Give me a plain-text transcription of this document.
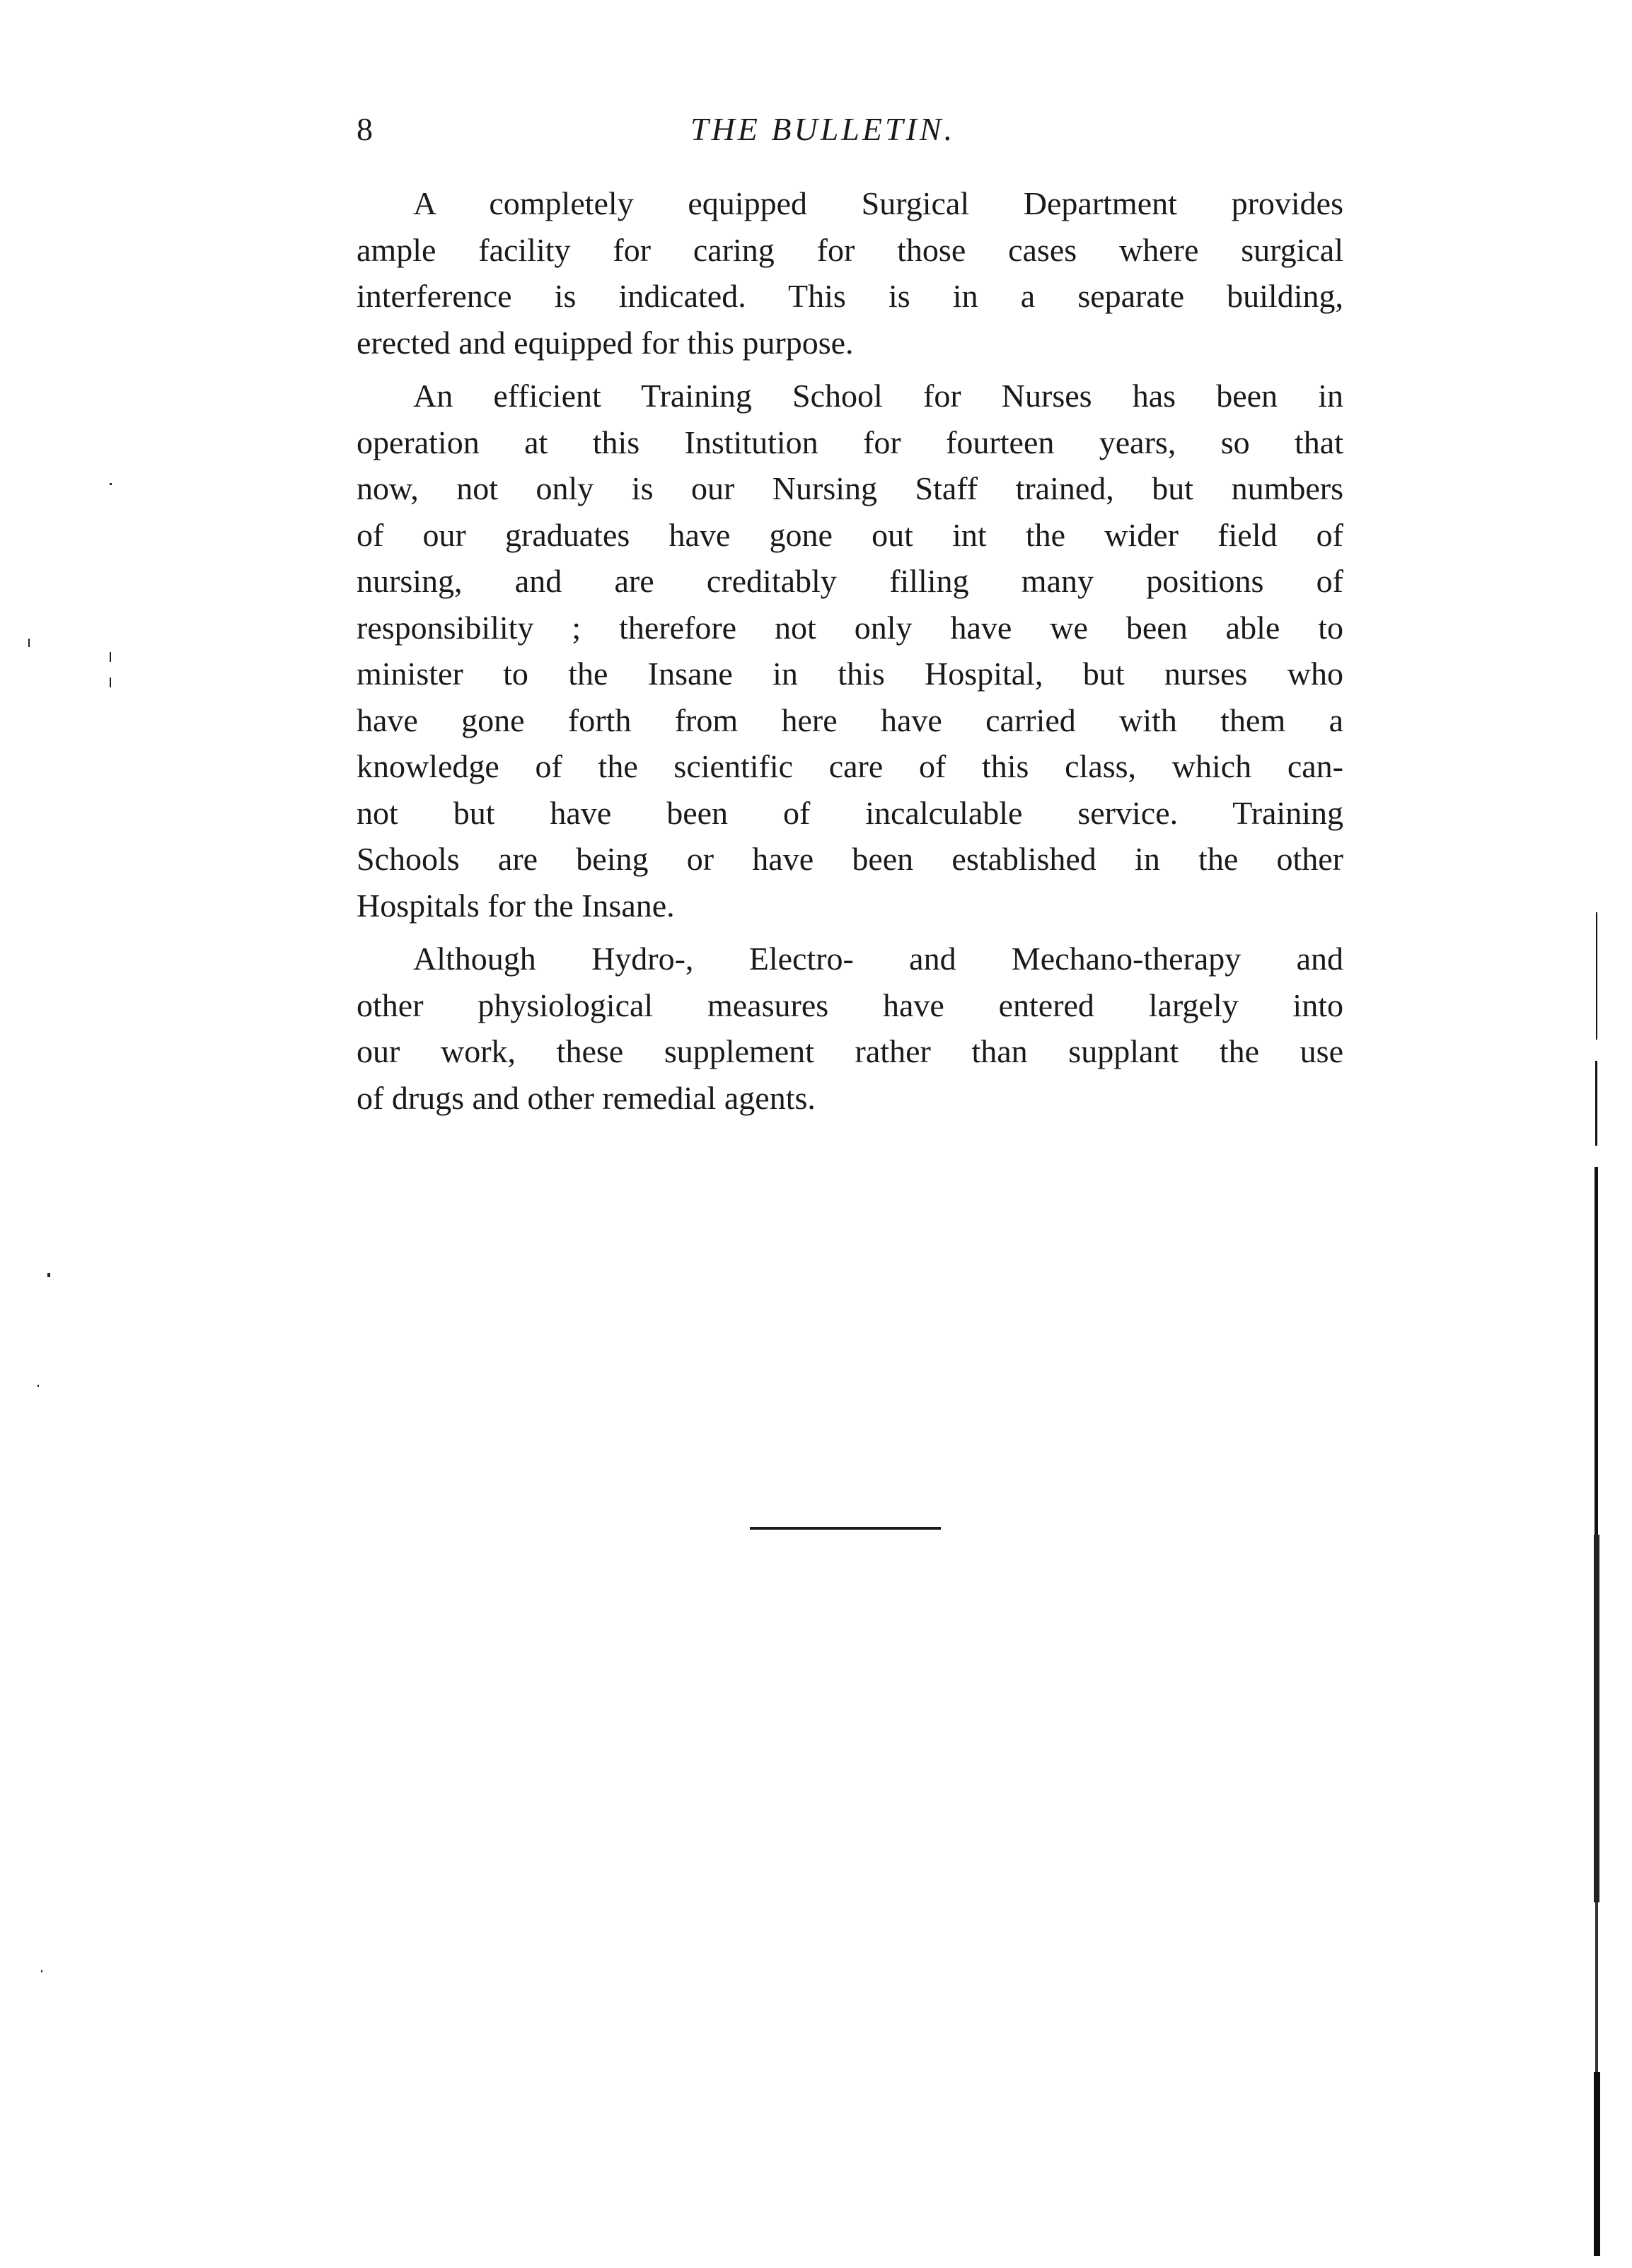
8	THE BULLETIN.

A completely equipped Surgical Department provides
ample facility for caring for those cases where surgical
interference is indicated. This is in a separate building,
erected and equipped for this purpose.

An efficient Training School for Nurses has been in
operation at this Institution for fourteen years, so that
now, not only is our Nursing Staff trained, but numbers
of our graduates have gone out int the wider field of
nursing, and are creditably filling many positions of
responsibility ; therefore not only have we been able to
minister to the Insane in this Hospital, but nurses who
have gone forth from here have carried with them a
knowledge of the scientific care of this class, which can-
not but have been of incalculable service. Training
Schools are being or have been established in the other
Hospitals for the Insane.

Although Hydro-, Electro- and Mechano-therapy and
other physiological measures have entered largely into
our work, these supplement rather than supplant the use
of drugs and other remedial agents.
